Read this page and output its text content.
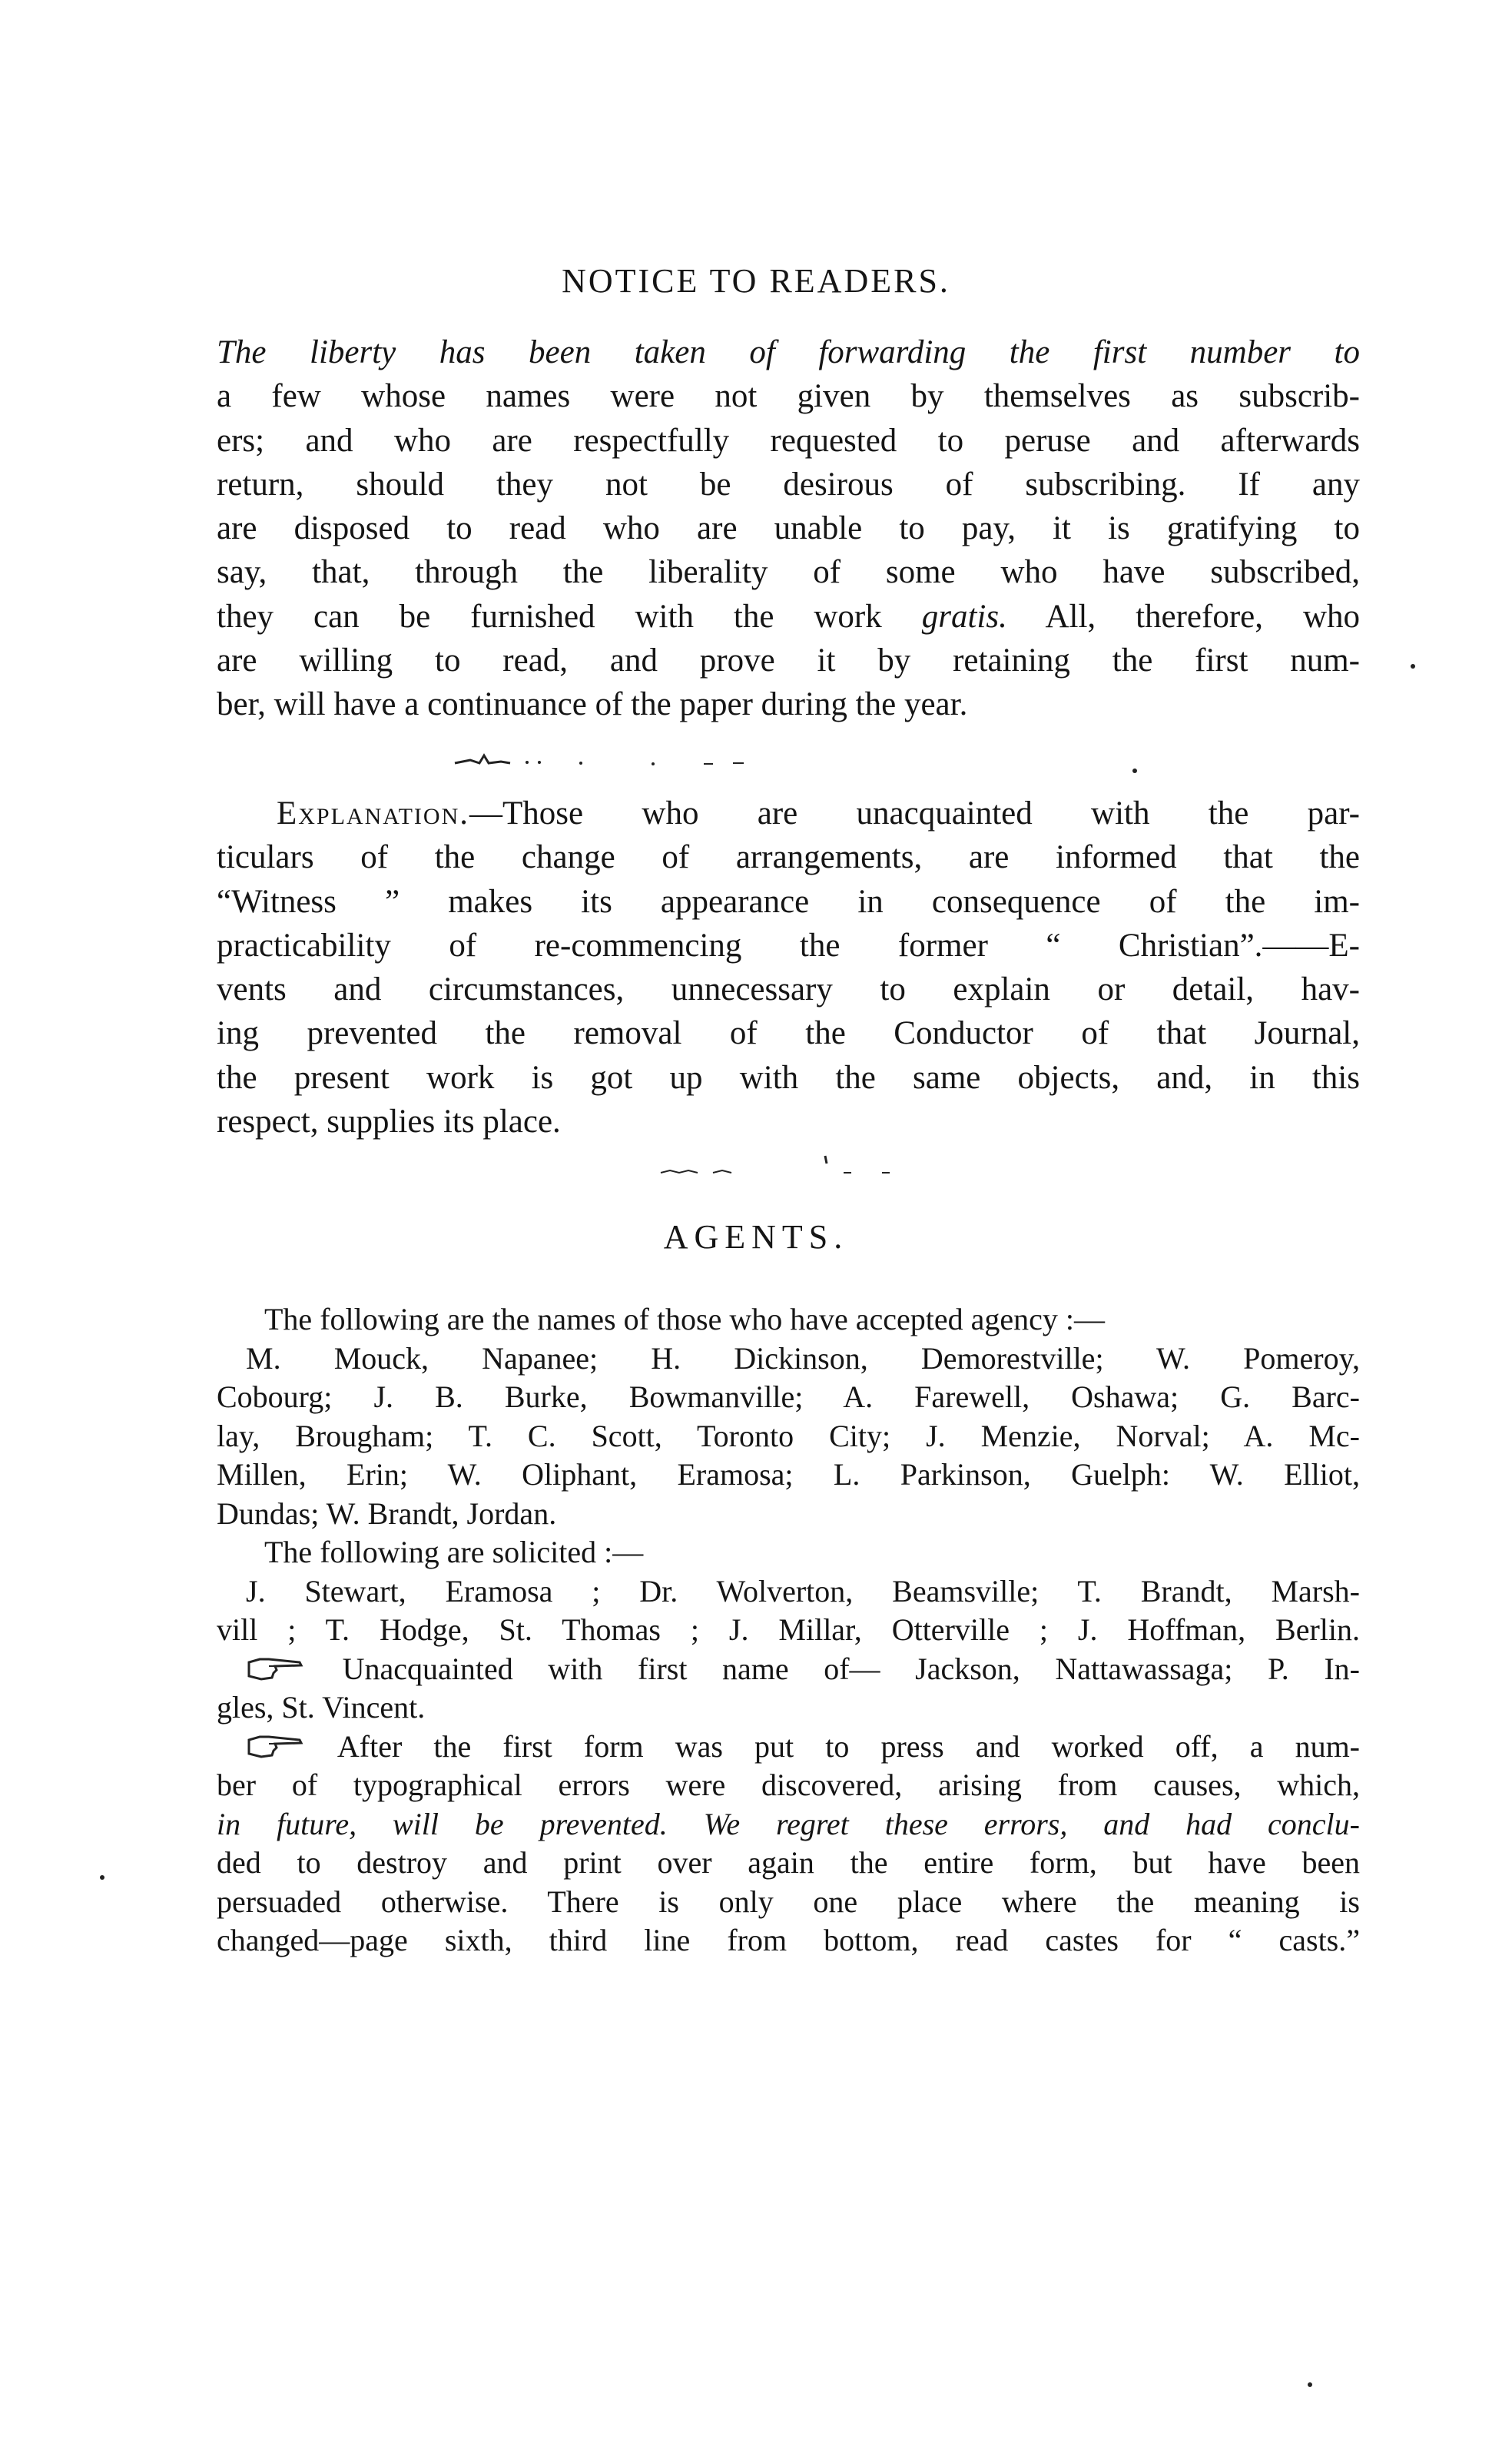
NOTICE TO READERS.
The liberty has been taken of forwarding the first number to
a few whose names were not given by themselves as subscrib-
ers; and who are respectfully requested to peruse and afterwards
return, should they not be desirous of subscribing. If any
are disposed to read who are unable to pay, it is gratifying to
say, that, through the liberality of some who have subscribed,
they can be furnished with the work gratis. All, therefore, who
are willing to read, and prove it by retaining the first num-
ber, will have a continuance of the paper during the year.
Explanation.—Those who are unacquainted with the par-
ticulars of the change of arrangements, are informed that the
“Witness ” makes its appearance in consequence of the im-
practicability of re-commencing the former “ Christian”.——E-
vents and circumstances, unnecessary to explain or detail, hav-
ing prevented the removal of the Conductor of that Journal,
the present work is got up with the same objects, and, in this
respect, supplies its place.
AGENTS.
The following are the names of those who have accepted agency :—
M. Mouck, Napanee; H. Dickinson, Demorestville; W. Pomeroy,
Cobourg; J. B. Burke, Bowmanville; A. Farewell, Oshawa; G. Barc-
lay, Brougham; T. C. Scott, Toronto City; J. Menzie, Norval; A. Mc-
Millen, Erin; W. Oliphant, Eramosa; L. Parkinson, Guelph: W. Elliot,
Dundas; W. Brandt, Jordan.
The following are solicited :—
J. Stewart, Eramosa ; Dr. Wolverton, Beamsville; T. Brandt, Marsh-
vill ; T. Hodge, St. Thomas ; J. Millar, Otterville ; J. Hoffman, Berlin.
Unacquainted with first name of— Jackson, Nattawassaga; P. In-
gles, St. Vincent.
After the first form was put to press and worked off, a num-
ber of typographical errors were discovered, arising from causes, which,
in future, will be prevented. We regret these errors, and had conclu-
ded to destroy and print over again the entire form, but have been
persuaded otherwise. There is only one place where the meaning is
changed—page sixth, third line from bottom, read castes for “ casts.”
